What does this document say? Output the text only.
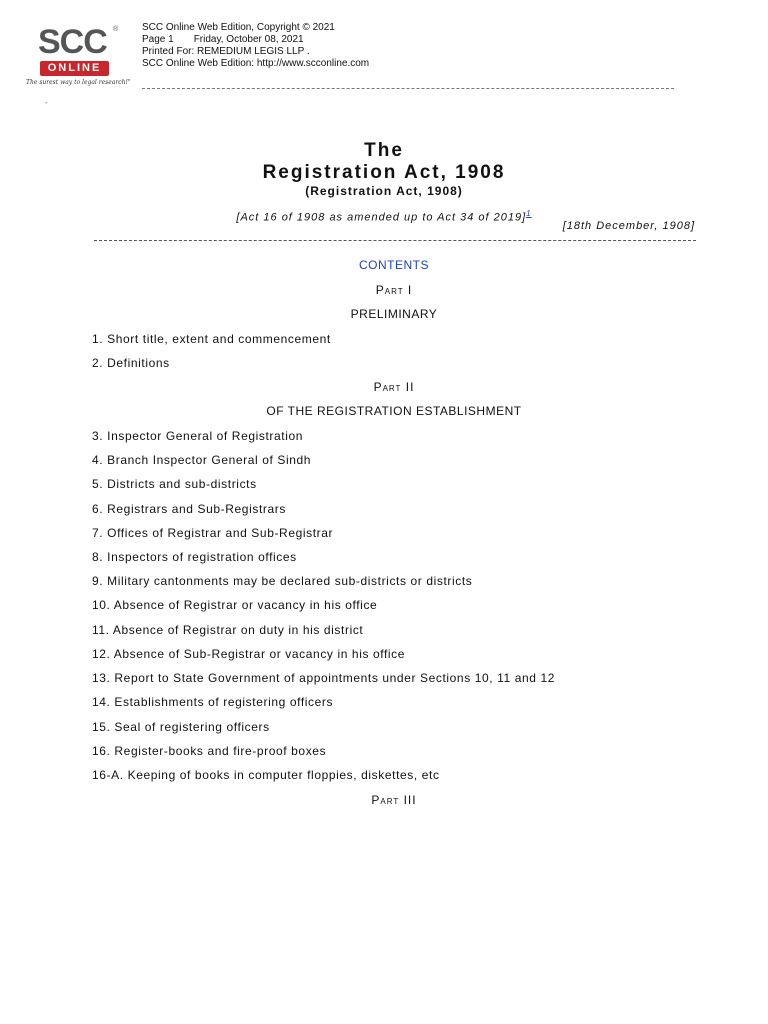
SCC ®
ONLINE
The surest way to legal research!"
-
SCC Online Web Edition, Copyright © 2021
Page 1 Friday, October 08, 2021
Printed For: REMEDIUM LEGIS LLP .
SCC Online Web Edition: http://www.scconline.com
The
Registration Act, 1908
(Registration Act, 1908)
[Act 16 of 1908 as amended up to Act 34 of 2019]$^1$
[18th December, 1908]
CONTENTS
Part I
PRELIMINARY
1. Short title, extent and commencement
2. Definitions
Part II
OF THE REGISTRATION ESTABLISHMENT
3. Inspector General of Registration
4. Branch Inspector General of Sindh
5. Districts and sub-districts
6. Registrars and Sub-Registrars
7. Offices of Registrar and Sub-Registrar
8. Inspectors of registration offices
9. Military cantonments may be declared sub-districts or districts
10. Absence of Registrar or vacancy in his office
11. Absence of Registrar on duty in his district
12. Absence of Sub-Registrar or vacancy in his office
13. Report to State Government of appointments under Sections 10, 11 and 12
14. Establishments of registering officers
15. Seal of registering officers
16. Register-books and fire-proof boxes
16-A. Keeping of books in computer floppies, diskettes, etc
Part III
